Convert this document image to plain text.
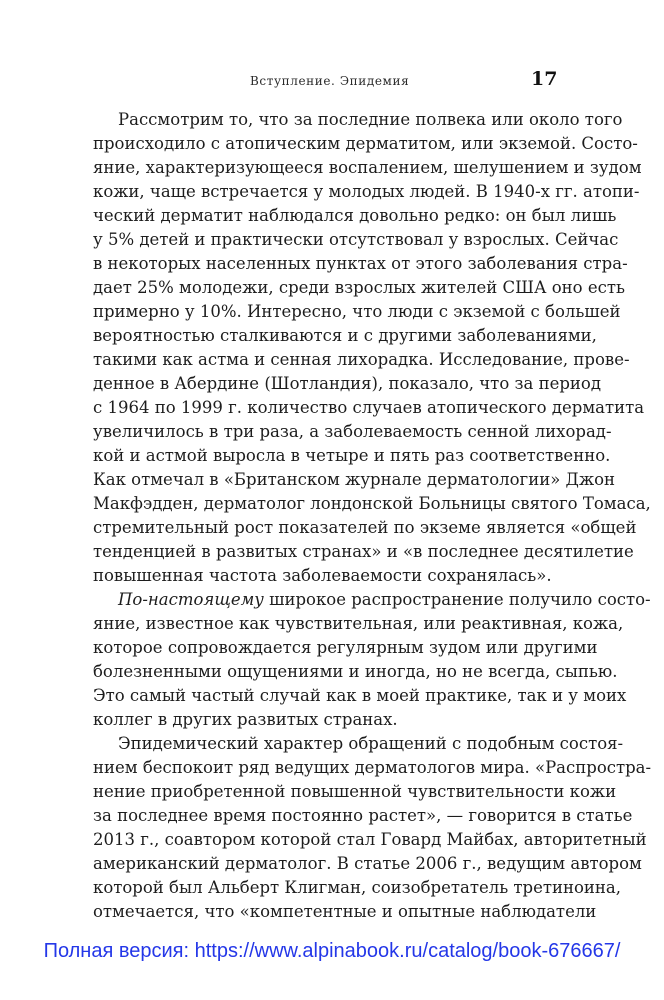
Вступление. Эпидемия	17
Рассмотрим то, что за последние полвека или около того
происходило с атопическим дерматитом, или экземой. Состо-
яние, характеризующееся воспалением, шелушением и зудом
кожи, чаще встречается у молодых людей. В 1940-х гг. атопи-
ческий дерматит наблюдался довольно редко: он был лишь
у 5% детей и практически отсутствовал у взрослых. Сейчас
в некоторых населенных пунктах от этого заболевания стра-
дает 25% молодежи, среди взрослых жителей США оно есть
примерно у 10%. Интересно, что люди с экземой с большей
вероятностью сталкиваются и с другими заболеваниями,
такими как астма и сенная лихорадка. Исследование, прове-
денное в Абердине (Шотландия), показало, что за период
с 1964 по 1999 г. количество случаев атопического дерматита
увеличилось в три раза, а заболеваемость сенной лихорад-
кой и астмой выросла в четыре и пять раз соответственно.
Как отмечал в «Британском журнале дерматологии» Джон
Макфэдден, дерматолог лондонской Больницы святого Томаса,
стремительный рост показателей по экземе является «общей
тенденцией в развитых странах» и «в последнее десятилетие
повышенная частота заболеваемости сохранялась».
По-настоящему широкое распространение получило состо-
яние, известное как чувствительная, или реактивная, кожа,
которое сопровождается регулярным зудом или другими
болезненными ощущениями и иногда, но не всегда, сыпью.
Это самый частый случай как в моей практике, так и у моих
коллег в других развитых странах.
Эпидемический характер обращений с подобным состоя-
нием беспокоит ряд ведущих дерматологов мира. «Распростра-
нение приобретенной повышенной чувствительности кожи
за последнее время постоянно растет», — говорится в статье
2013 г., соавтором которой стал Говард Майбах, авторитетный
американский дерматолог. В статье 2006 г., ведущим автором
которой был Альберт Клигман, соизобретатель третиноина,
отмечается, что «компетентные и опытные наблюдатели
Полная версия: https://www.alpinabook.ru/catalog/book-676667/
